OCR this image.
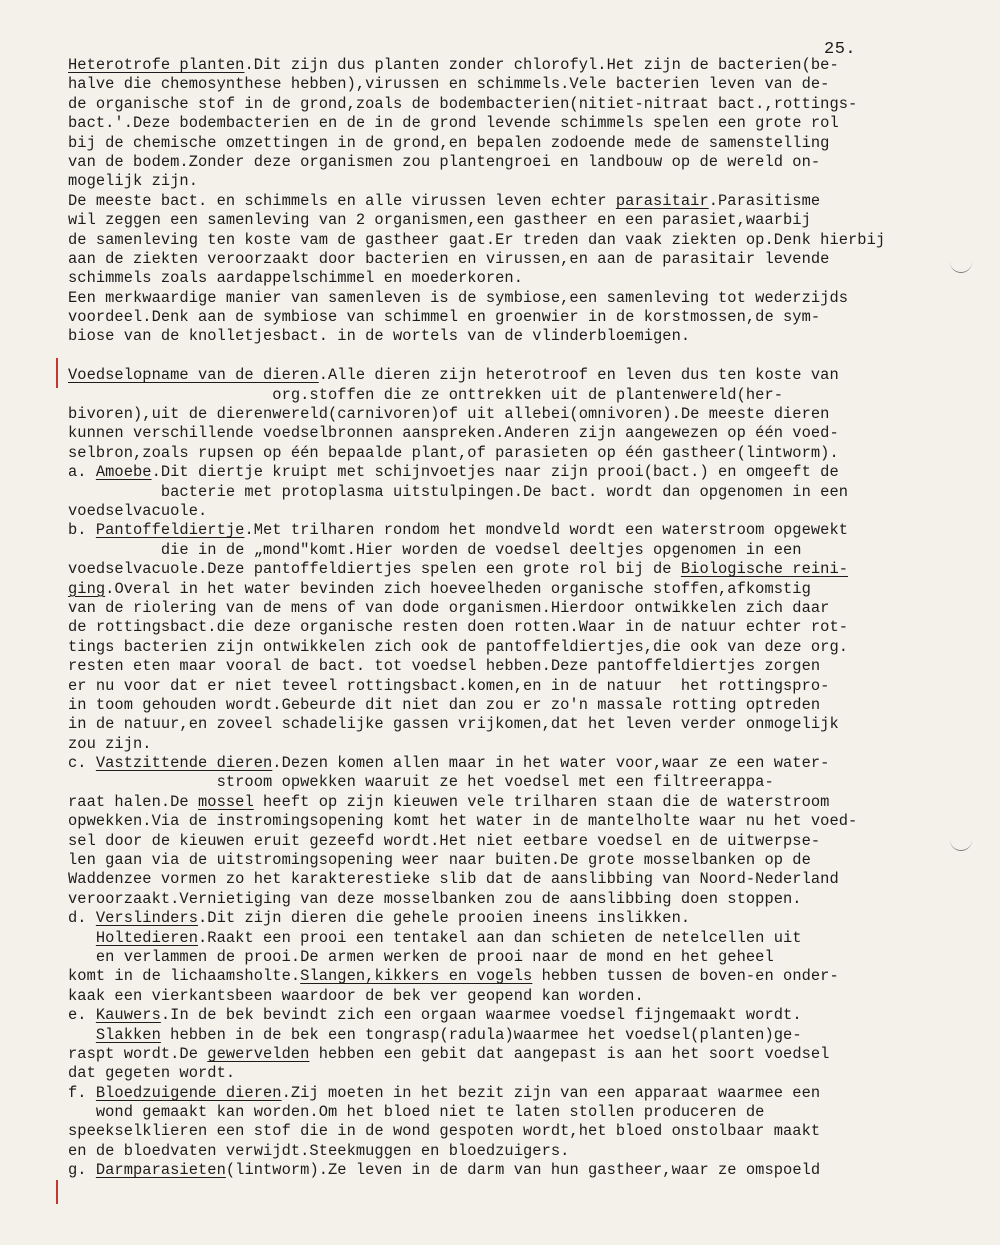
25.
Heterotrofe planten.Dit zijn dus planten zonder chlorofyl.Het zijn de bacterien(be-
halve die chemosynthese hebben),virussen en schimmels.Vele bacterien leven van de-
de organische stof in de grond,zoals de bodembacterien(nitiet-nitraat bact.,rottings-
bact.'.Deze bodembacterien en de in de grond levende schimmels spelen een grote rol
bij de chemische omzettingen in de grond,en bepalen zodoende mede de samenstelling
van de bodem.Zonder deze organismen zou plantengroei en landbouw op de wereld on-
mogelijk zijn.
De meeste bact. en schimmels en alle virussen leven echter parasitair.Parasitisme
wil zeggen een samenleving van 2 organismen,een gastheer en een parasiet,waarbij
de samenleving ten koste vam de gastheer gaat.Er treden dan vaak ziekten op.Denk hierbij
aan de ziekten veroorzaakt door bacterien en virussen,en aan de parasitair levende
schimmels zoals aardappelschimmel en moederkoren.
Een merkwaardige manier van samenleven is de symbiose,een samenleving tot wederzijds
voordeel.Denk aan de symbiose van schimmel en groenwier in de korstmossen,de sym-
biose van de knolletjesbact. in de wortels van de vlinderbloemigen.
Voedselopname van de dieren.Alle dieren zijn heterotroof en leven dus ten koste van
org.stoffen die ze onttrekken uit de plantenwereld(her-
bivoren),uit de dierenwereld(carnivoren)of uit allebei(omnivoren).De meeste dieren
kunnen verschillende voedselbronnen aanspreken.Anderen zijn aangewezen op één voed-
selbron,zoals rupsen op één bepaalde plant,of parasieten op één gastheer(lintworm).
a. Amoebe.Dit diertje kruipt met schijnvoetjes naar zijn prooi(bact.) en omgeeft de
bacterie met protoplasma uitstulpingen.De bact. wordt dan opgenomen in een
voedselvacuole.
b. Pantoffeldiertje.Met trilharen rondom het mondveld wordt een waterstroom opgewekt
die in de „mond"komt.Hier worden de voedsel deeltjes opgenomen in een
voedselvacuole.Deze pantoffeldiertjes spelen een grote rol bij de Biologische reini-
ging.Overal in het water bevinden zich hoeveelheden organische stoffen,afkomstig
van de riolering van de mens of van dode organismen.Hierdoor ontwikkelen zich daar
de rottingsbact.die deze organische resten doen rotten.Waar in de natuur echter rot-
tings bacterien zijn ontwikkelen zich ook de pantoffeldiertjes,die ook van deze org.
resten eten maar vooral de bact. tot voedsel hebben.Deze pantoffeldiertjes zorgen
er nu voor dat er niet teveel rottingsbact.komen,en in de natuur  het rottingspro-
in toom gehouden wordt.Gebeurde dit niet dan zou er zo'n massale rotting optreden
in de natuur,en zoveel schadelijke gassen vrijkomen,dat het leven verder onmogelijk
zou zijn.
c. Vastzittende dieren.Dezen komen allen maar in het water voor,waar ze een water-
stroom opwekken waaruit ze het voedsel met een filtreerappa-
raat halen.De mossel heeft op zijn kieuwen vele trilharen staan die de waterstroom
opwekken.Via de instromingsopening komt het water in de mantelholte waar nu het voed-
sel door de kieuwen eruit gezeefd wordt.Het niet eetbare voedsel en de uitwerpse-
len gaan via de uitstromingsopening weer naar buiten.De grote mosselbanken op de
Waddenzee vormen zo het karakterestieke slib dat de aanslibbing van Noord-Nederland
veroorzaakt.Vernietiging van deze mosselbanken zou de aanslibbing doen stoppen.
d. Verslinders.Dit zijn dieren die gehele prooien ineens inslikken.
Holtedieren.Raakt een prooi een tentakel aan dan schieten de netelcellen uit
en verlammen de prooi.De armen werken de prooi naar de mond en het geheel
komt in de lichaamsholte.Slangen,kikkers en vogels hebben tussen de boven-en onder-
kaak een vierkantsbeen waardoor de bek ver geopend kan worden.
e. Kauwers.In de bek bevindt zich een orgaan waarmee voedsel fijngemaakt wordt.
Slakken hebben in de bek een tongrasp(radula)waarmee het voedsel(planten)ge-
raspt wordt.De gewervelden hebben een gebit dat aangepast is aan het soort voedsel
dat gegeten wordt.
f. Bloedzuigende dieren.Zij moeten in het bezit zijn van een apparaat waarmee een
wond gemaakt kan worden.Om het bloed niet te laten stollen produceren de
speekselklieren een stof die in de wond gespoten wordt,het bloed onstolbaar maakt
en de bloedvaten verwijdt.Steekmuggen en bloedzuigers.
g. Darmparasieten(lintworm).Ze leven in de darm van hun gastheer,waar ze omspoeld
